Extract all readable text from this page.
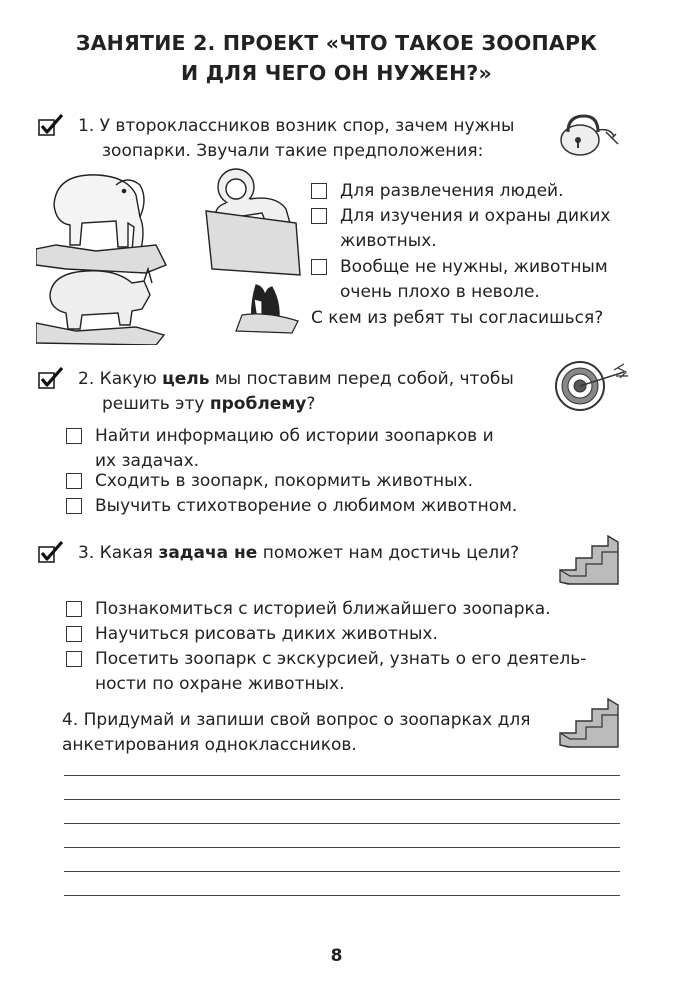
ЗАНЯТИЕ 2. ПРОЕКТ «ЧТО ТАКОЕ ЗООПАРК
И ДЛЯ ЧЕГО ОН НУЖЕН?»
1. У второклассников возник спор, зачем нужны
зоопарки. Звучали такие предположения:
Для развлечения людей.
Для изучения и охраны диких
животных.
Вообще не нужны, животным
очень плохо в неволе.
С кем из ребят ты согласишься?
2. Какую цель мы поставим перед собой, чтобы
решить эту проблему?
Найти информацию об истории зоопарков и
их задачах.
Сходить в зоопарк, покормить животных.
Выучить стихотворение о любимом животном.
3. Какая задача не поможет нам достичь цели?
Познакомиться с историей ближайшего зоопарка.
Научиться рисовать диких животных.
Посетить зоопарк с экскурсией, узнать о его деятель-
ности по охране животных.
4. Придумай и запиши свой вопрос о зоопарках для
анкетирования одноклассников.
8
